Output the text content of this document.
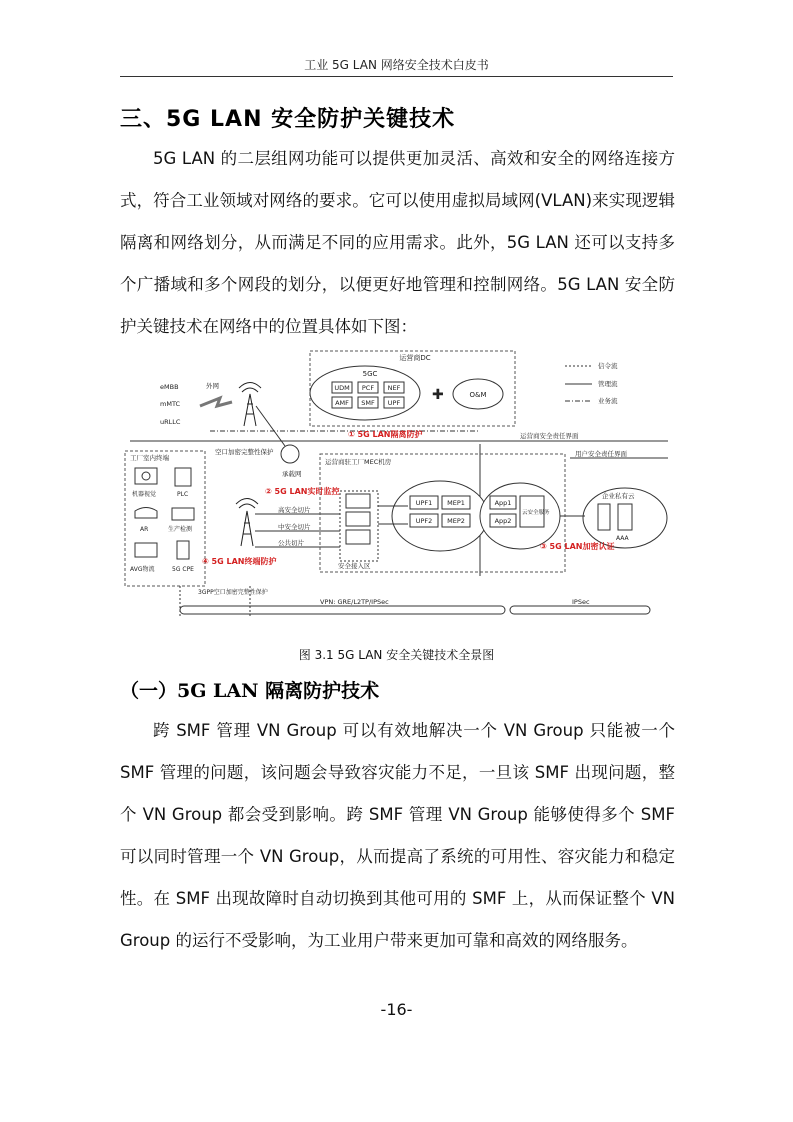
工业 5G LAN 网络安全技术白皮书
三、5G LAN 安全防护关键技术

5G LAN 的二层组网功能可以提供更加灵活、高效和安全的网络连接方式，符合工业领域对网络的要求。它可以使用虚拟局域网(VLAN)来实现逻辑隔离和网络划分，从而满足不同的应用需求。此外，5G LAN 还可以支持多个广播域和多个网段的划分，以便更好地管理和控制网络。5G LAN 安全防护关键技术在网络中的位置具体如下图：

运营商DC
5GC
UDM PCF NEF
AMF SMF UPF ✚	O&M
信令流
管理流
业务流
eMBB
mMTC
uRLLC
外网
运营商安全责任界面
用户安全责任界面
① 5G LAN隔离防护
工厂室内终端
机器视觉	PLC
AR	生产检测
AVG物流	5G CPE
空口加密完整性保护
承载网
高安全切片
中安全切片
公共切片
运营商驻工厂MEC机房
安全接入区
UPF1 MEP1
UPF2 MEP2
App1
App2
云安全服务
企业私有云
AAA
② 5G LAN实时监控
③ 5G LAN加密认证
④ 5G LAN终端防护
3GPP空口加密完整性保护
VPN: GRE/L2TP/IPSec	IPSec
图 3.1 5G LAN 安全关键技术全景图
（一）5G LAN 隔离防护技术

跨 SMF 管理 VN Group 可以有效地解决一个 VN Group 只能被一个 SMF 管理的问题，该问题会导致容灾能力不足，一旦该 SMF 出现问题，整个 VN Group 都会受到影响。跨 SMF 管理 VN Group 能够使得多个 SMF 可以同时管理一个 VN Group，从而提高了系统的可用性、容灾能力和稳定性。在 SMF 出现故障时自动切换到其他可用的 SMF 上，从而保证整个 VN Group 的运行不受影响，为工业用户带来更加可靠和高效的网络服务。

-16-
